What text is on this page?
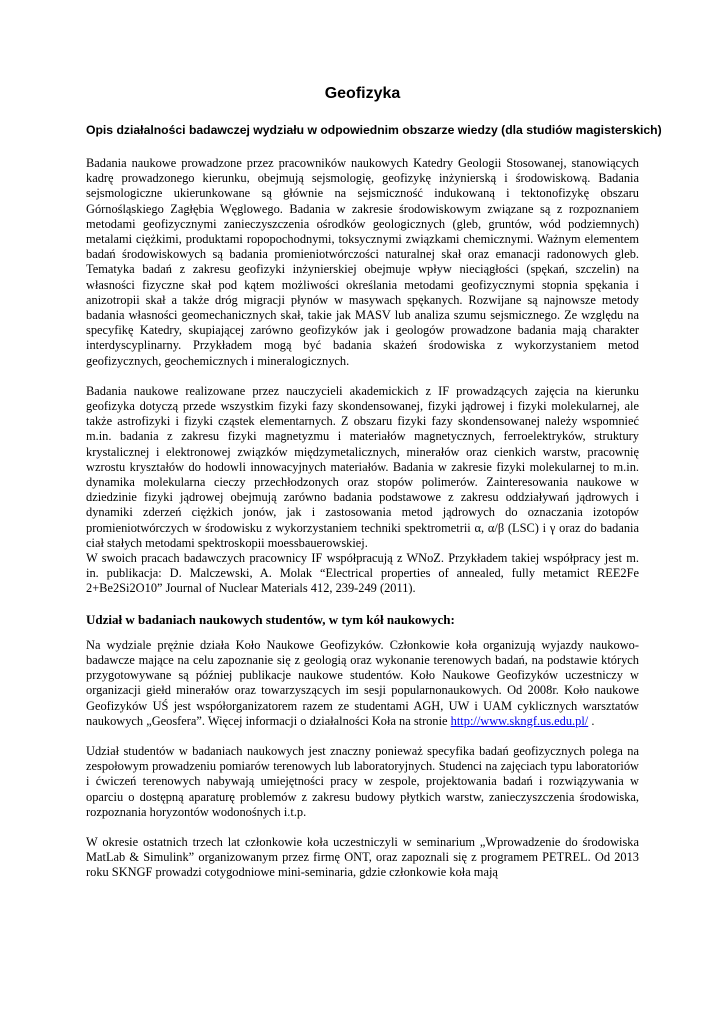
Geofizyka
Opis działalności badawczej wydziału w odpowiednim obszarze wiedzy (dla studiów magisterskich)

Badania naukowe prowadzone przez pracowników naukowych Katedry Geologii Stosowanej, stanowiących kadrę prowadzonego kierunku, obejmują sejsmologię, geofizykę inżynierską i środowiskową. Badania sejsmologiczne ukierunkowane są głównie na sejsmiczność indukowaną i tektonofizykę obszaru Górnośląskiego Zagłębia Węglowego. Badania w zakresie środowiskowym związane są z rozpoznaniem metodami geofizycznymi zanieczyszczenia ośrodków geologicznych (gleb, gruntów, wód podziemnych) metalami ciężkimi, produktami ropopochodnymi, toksycznymi związkami chemicznymi. Ważnym elementem badań środowiskowych są badania promieniotwórczości naturalnej skał oraz emanacji radonowych gleb. Tematyka badań z zakresu geofizyki inżynierskiej obejmuje wpływ nieciągłości (spękań, szczelin) na własności fizyczne skał pod kątem możliwości określania metodami geofizycznymi stopnia spękania i anizotropii skał a także dróg migracji płynów w masywach spękanych. Rozwijane są najnowsze metody badania własności geomechanicznych skał, takie jak MASV lub analiza szumu sejsmicznego. Ze względu na specyfikę Katedry, skupiającej zarówno geofizyków jak i geologów prowadzone badania mają charakter interdyscyplinarny. Przykładem mogą być badania skażeń środowiska z wykorzystaniem metod geofizycznych, geochemicznych i mineralogicznych.

Badania naukowe realizowane przez nauczycieli akademickich z IF prowadzących zajęcia na kierunku geofizyka dotyczą przede wszystkim fizyki fazy skondensowanej, fizyki jądrowej i fizyki molekularnej, ale także astrofizyki i fizyki cząstek elementarnych. Z obszaru fizyki fazy skondensowanej należy wspomnieć m.in. badania z zakresu fizyki magnetyzmu i materiałów magnetycznych, ferroelektryków, struktury krystalicznej i elektronowej związków międzymetalicznych, minerałów oraz cienkich warstw, pracownię wzrostu kryształów do hodowli innowacyjnych materiałów. Badania w zakresie fizyki molekularnej to m.in. dynamika molekularna cieczy przechłodzonych oraz stopów polimerów. Zainteresowania naukowe w dziedzinie fizyki jądrowej obejmują zarówno badania podstawowe z zakresu oddziaływań jądrowych i dynamiki zderzeń ciężkich jonów, jak i zastosowania metod jądrowych do oznaczania izotopów promieniotwórczych w środowisku z wykorzystaniem techniki spektrometrii α, α/β (LSC) i γ oraz do badania ciał stałych metodami spektroskopii moessbauerowskiej.

W swoich pracach badawczych pracownicy IF współpracują z WNoZ. Przykładem takiej współpracy jest m. in. publikacja: D. Malczewski, A. Molak “Electrical properties of annealed, fully metamict REE2Fe 2+Be2Si2O10” Journal of Nuclear Materials 412, 239-249 (2011).

Udział w badaniach naukowych studentów, w tym kół naukowych:

Na wydziale prężnie działa Koło Naukowe Geofizyków. Członkowie koła organizują wyjazdy naukowo-badawcze mające na celu zapoznanie się z geologią oraz wykonanie terenowych badań, na podstawie których przygotowywane są później publikacje naukowe studentów. Koło Naukowe Geofizyków uczestniczy w organizacji giełd minerałów oraz towarzyszących im sesji popularnonaukowych. Od 2008r. Koło naukowe Geofizyków UŚ jest współorganizatorem razem ze studentami AGH, UW i UAM cyklicznych warsztatów naukowych „Geosfera”. Więcej informacji o działalności Koła na stronie http://www.skngf.us.edu.pl/ .

Udział studentów w badaniach naukowych jest znaczny ponieważ specyfika badań geofizycznych polega na zespołowym prowadzeniu pomiarów terenowych lub laboratoryjnych. Studenci na zajęciach typu laboratoriów i ćwiczeń terenowych nabywają umiejętności pracy w zespole, projektowania badań i rozwiązywania w oparciu o dostępną aparaturę problemów z zakresu budowy płytkich warstw, zanieczyszczenia środowiska, rozpoznania horyzontów wodonośnych i.t.p.

W okresie ostatnich trzech lat członkowie koła uczestniczyli w seminarium „Wprowadzenie do środowiska MatLab & Simulink” organizowanym przez firmę ONT, oraz zapoznali się z programem PETREL. Od 2013 roku SKNGF prowadzi cotygodniowe mini-seminaria, gdzie członkowie koła mają
